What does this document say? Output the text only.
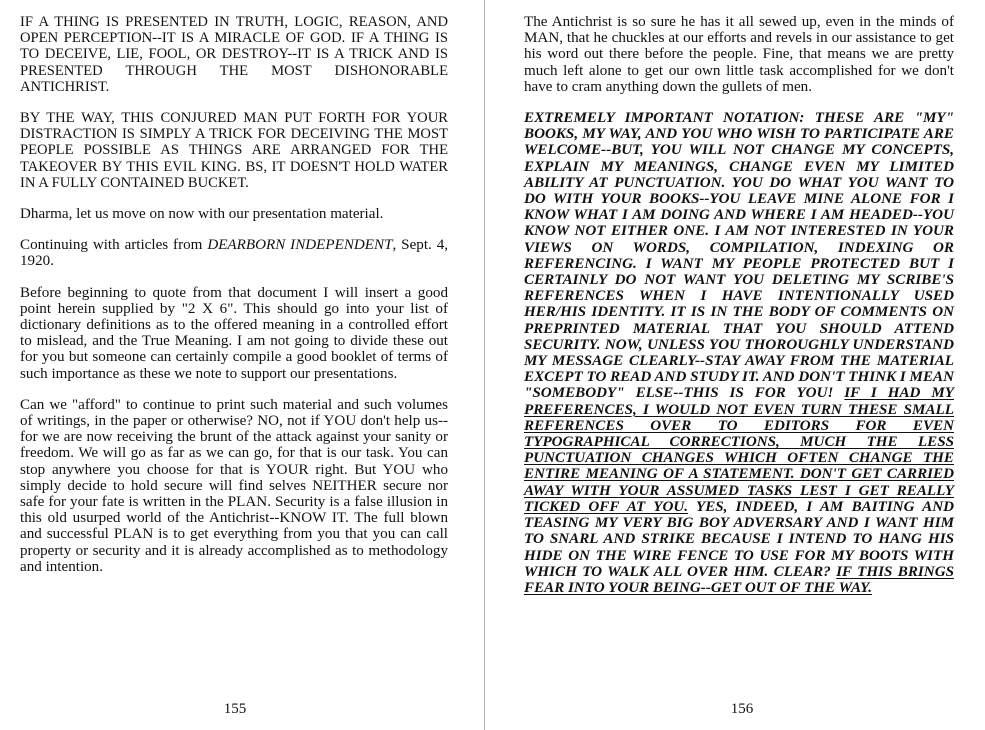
IF A THING IS PRESENTED IN TRUTH, LOGIC, REASON, AND OPEN PERCEPTION--IT IS A MIRACLE OF GOD. IF A THING IS TO DECEIVE, LIE, FOOL, OR DESTROY--IT IS A TRICK AND IS PRESENTED THROUGH THE MOST DISHONORABLE ANTICHRIST.

BY THE WAY, THIS CONJURED MAN PUT FORTH FOR YOUR DISTRACTION IS SIMPLY A TRICK FOR DECEIVING THE MOST PEOPLE POSSIBLE AS THINGS ARE ARRANGED FOR THE TAKEOVER BY THIS EVIL KING. BS, IT DOESN'T HOLD WATER IN A FULLY CONTAINED BUCKET.

Dharma, let us move on now with our presentation material.

Continuing with articles from DEARBORN INDEPENDENT, Sept. 4, 1920.

Before beginning to quote from that document I will insert a good point herein supplied by "2 X 6". This should go into your list of dictionary definitions as to the offered meaning in a controlled effort to mislead, and the True Meaning. I am not going to divide these out for you but someone can certainly compile a good booklet of terms of such importance as these we note to support our presentations.

Can we "afford" to continue to print such material and such volumes of writings, in the paper or otherwise? NO, not if YOU don't help us--for we are now receiving the brunt of the attack against your sanity or freedom. We will go as far as we can go, for that is our task. You can stop anywhere you choose for that is YOUR right. But YOU who simply decide to hold secure will find selves NEITHER secure nor safe for your fate is written in the PLAN. Security is a false illusion in this old usurped world of the Antichrist--KNOW IT. The full blown and successful PLAN is to get everything from you that you can call property or security and it is already accomplished as to methodology and intention.

155

The Antichrist is so sure he has it all sewed up, even in the minds of MAN, that he chuckles at our efforts and revels in our assistance to get his word out there before the people. Fine, that means we are pretty much left alone to get our own little task accomplished for we don't have to cram anything down the gullets of men.

EXTREMELY IMPORTANT NOTATION: THESE ARE "MY" BOOKS, MY WAY, AND YOU WHO WISH TO PARTICIPATE ARE WELCOME--BUT, YOU WILL NOT CHANGE MY CONCEPTS, EXPLAIN MY MEANINGS, CHANGE EVEN MY LIMITED ABILITY AT PUNCTUATION. YOU DO WHAT YOU WANT TO DO WITH YOUR BOOKS--YOU LEAVE MINE ALONE FOR I KNOW WHAT I AM DOING AND WHERE I AM HEADED--YOU KNOW NOT EITHER ONE. I AM NOT INTERESTED IN YOUR VIEWS ON WORDS, COMPILATION, INDEXING OR REFERENCING. I WANT MY PEOPLE PROTECTED BUT I CERTAINLY DO NOT WANT YOU DELETING MY SCRIBE'S REFERENCES WHEN I HAVE INTENTIONALLY USED HER/HIS IDENTITY. IT IS IN THE BODY OF COMMENTS ON PREPRINTED MATERIAL THAT YOU SHOULD ATTEND SECURITY. NOW, UNLESS YOU THOROUGHLY UNDERSTAND MY MESSAGE CLEARLY--STAY AWAY FROM THE MATERIAL EXCEPT TO READ AND STUDY IT. AND DON'T THINK I MEAN "SOMEBODY" ELSE--THIS IS FOR YOU! IF I HAD MY PREFERENCES, I WOULD NOT EVEN TURN THESE SMALL REFERENCES OVER TO EDITORS FOR EVEN TYPOGRAPHICAL CORRECTIONS, MUCH THE LESS PUNCTUATION CHANGES WHICH OFTEN CHANGE THE ENTIRE MEANING OF A STATEMENT. DON'T GET CARRIED AWAY WITH YOUR ASSUMED TASKS LEST I GET REALLY TICKED OFF AT YOU. YES, INDEED, I AM BAITING AND TEASING MY VERY BIG BOY ADVERSARY AND I WANT HIM TO SNARL AND STRIKE BECAUSE I INTEND TO HANG HIS HIDE ON THE WIRE FENCE TO USE FOR MY BOOTS WITH WHICH TO WALK ALL OVER HIM. CLEAR? IF THIS BRINGS FEAR INTO YOUR BEING--GET OUT OF THE WAY.

156
